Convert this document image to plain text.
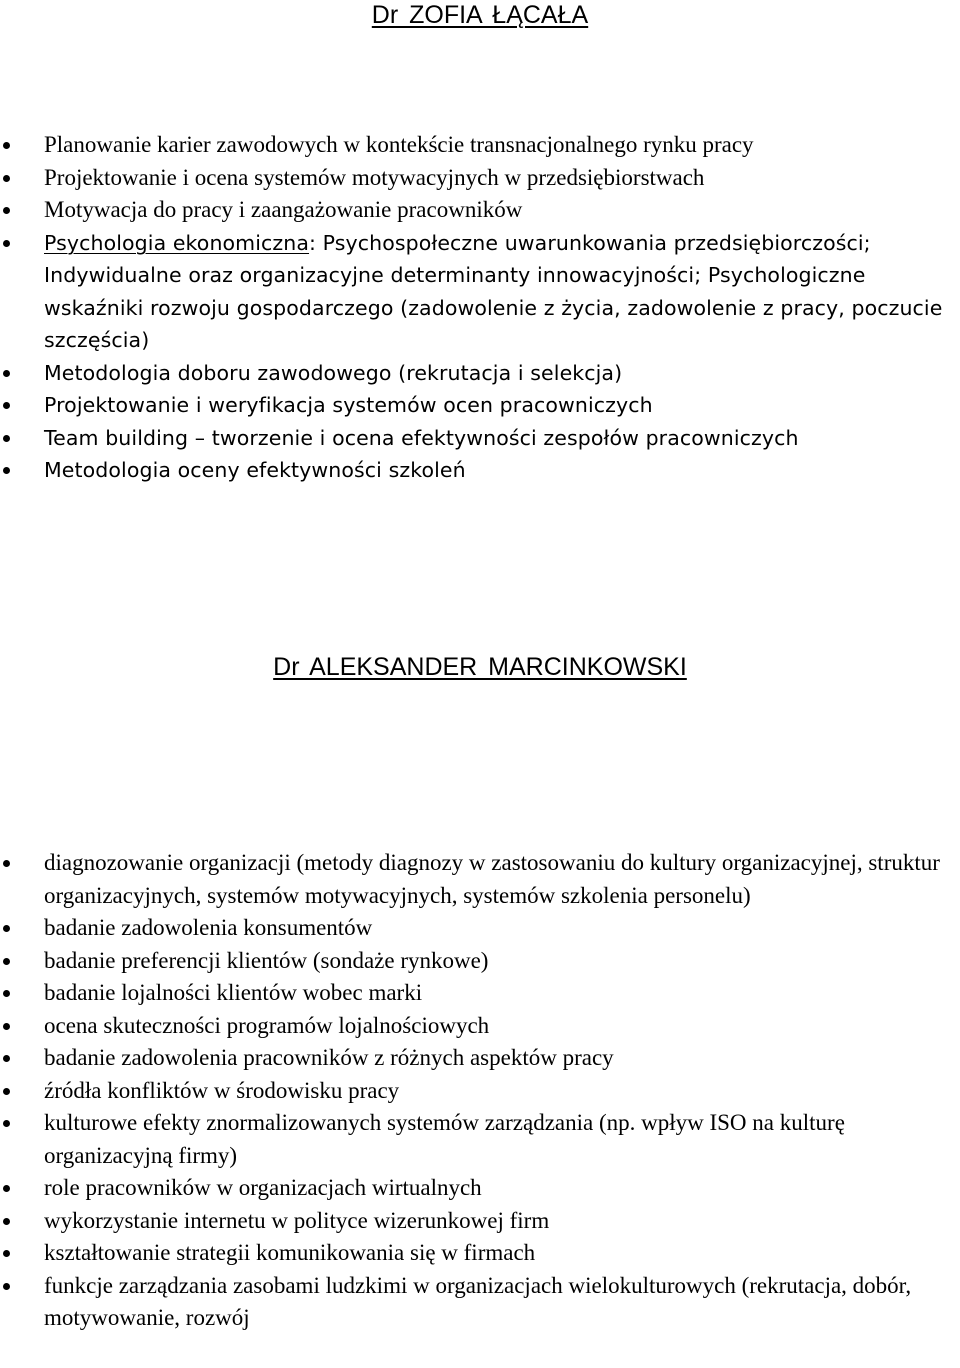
Dr ZOFIA ŁĄCAŁA
Planowanie karier zawodowych w kontekście transnacjonalnego rynku pracy
Projektowanie i ocena systemów motywacyjnych w przedsiębiorstwach
Motywacja do pracy i zaangażowanie pracowników
Psychologia ekonomiczna: Psychospołeczne uwarunkowania przedsiębiorczości; Indywidualne oraz organizacyjne determinanty innowacyjności; Psychologiczne wskaźniki rozwoju gospodarczego (zadowolenie z życia, zadowolenie z pracy, poczucie szczęścia)
Metodologia doboru zawodowego (rekrutacja i selekcja)
Projektowanie i weryfikacja systemów ocen pracowniczych
Team building – tworzenie i ocena efektywności zespołów pracowniczych
Metodologia oceny efektywności szkoleń
Dr ALEKSANDER MARCINKOWSKI
diagnozowanie organizacji (metody diagnozy w zastosowaniu do kultury organizacyjnej, struktur organizacyjnych, systemów motywacyjnych, systemów szkolenia personelu)
badanie zadowolenia konsumentów
badanie preferencji klientów (sondaże rynkowe)
badanie lojalności klientów wobec marki
ocena skuteczności programów lojalnościowych
badanie zadowolenia pracowników z różnych aspektów pracy
źródła konfliktów w środowisku pracy
kulturowe efekty znormalizowanych systemów zarządzania (np. wpływ ISO na kulturę organizacyjną firmy)
role pracowników w organizacjach wirtualnych
wykorzystanie internetu w polityce wizerunkowej firm
kształtowanie strategii komunikowania się w firmach
funkcje zarządzania zasobami ludzkimi w organizacjach wielokulturowych (rekrutacja, dobór, motywowanie, rozwój
